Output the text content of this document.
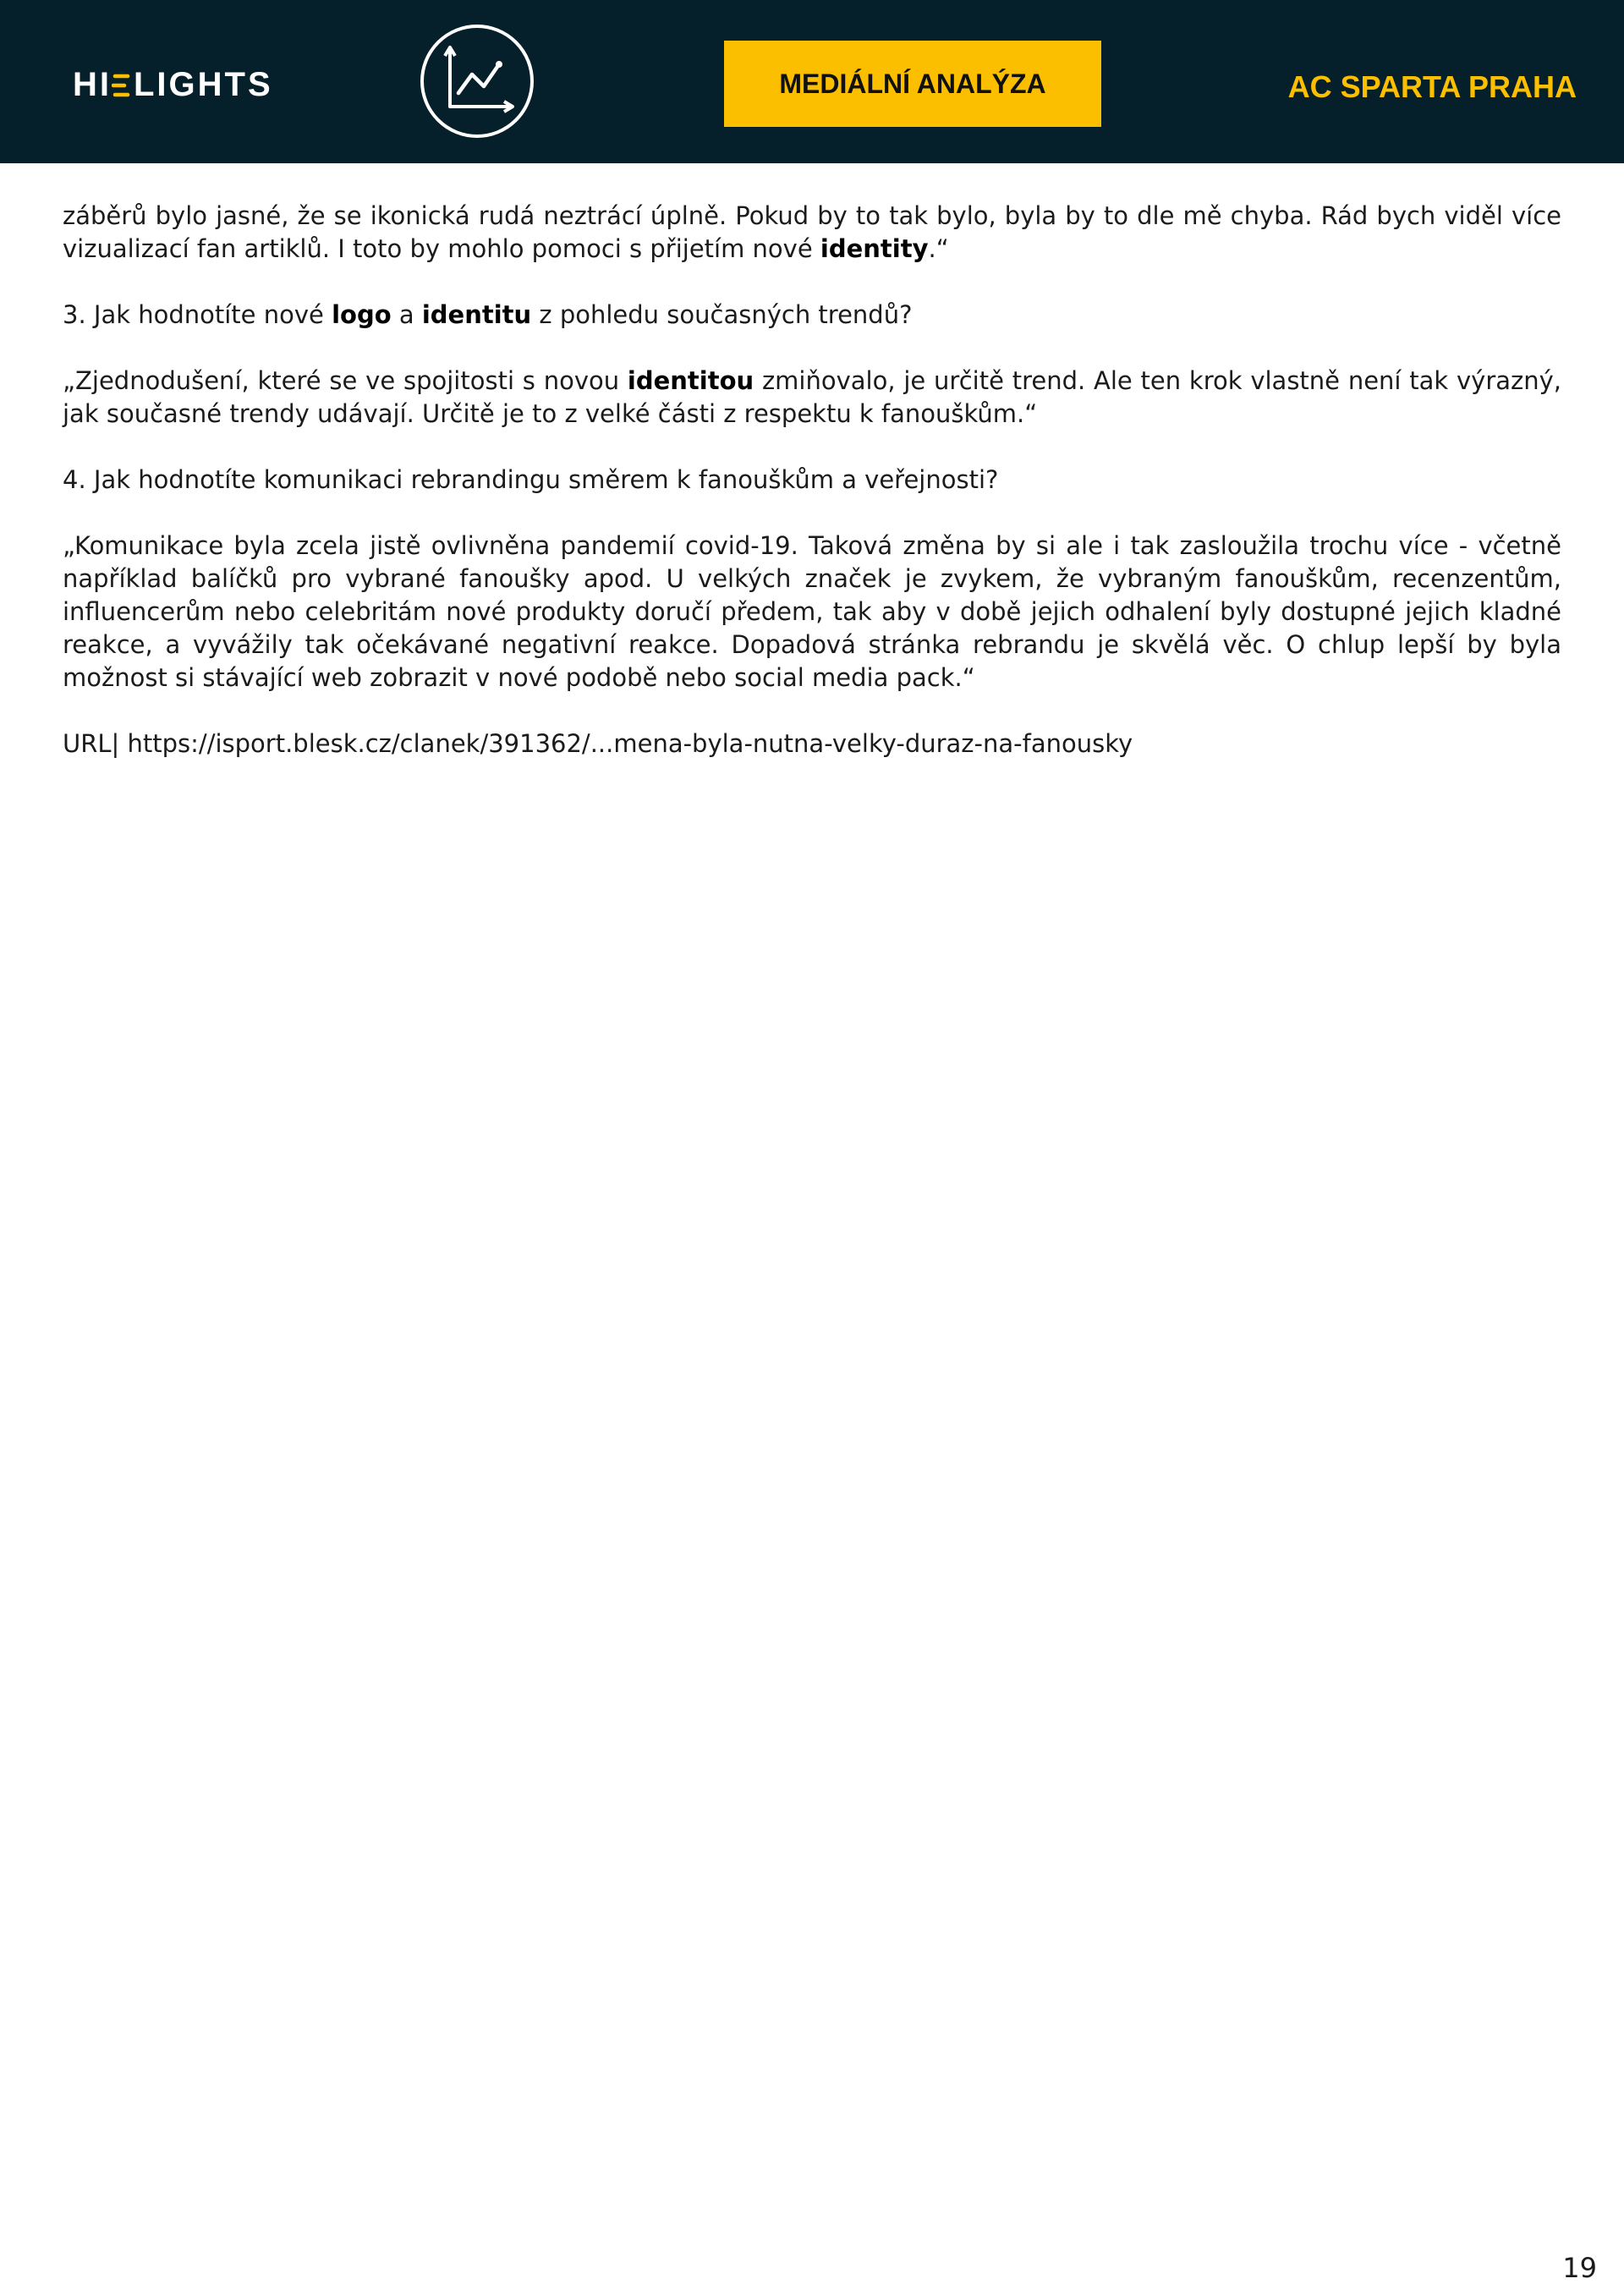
HI LIGHTS	MEDIÁLNÍ ANALÝZA	AC SPARTA PRAHA

záběrů bylo jasné, že se ikonická rudá neztrácí úplně. Pokud by to tak bylo, byla by to dle mě chyba. Rád bych viděl více vizualizací fan artiklů. I toto by mohlo pomoci s přijetím nové identity.“

3. Jak hodnotíte nové logo a identitu z pohledu současných trendů?

„Zjednodušení, které se ve spojitosti s novou identitou zmiňovalo, je určitě trend. Ale ten krok vlastně není tak výrazný, jak současné trendy udávají. Určitě je to z velké části z respektu k fanouškům.“

4. Jak hodnotíte komunikaci rebrandingu směrem k fanouškům a veřejnosti?

„Komunikace byla zcela jistě ovlivněna pandemií covid-19. Taková změna by si ale i tak zasloužila trochu více - včetně například balíčků pro vybrané fanoušky apod. U velkých značek je zvykem, že vybraným fanouškům, recenzentům, influencerům nebo celebritám nové produkty doručí předem, tak aby v době jejich odhalení byly dostupné jejich kladné reakce, a vyvážily tak očekávané negativní reakce. Dopadová stránka rebrandu je skvělá věc. O chlup lepší by byla možnost si stávající web zobrazit v nové podobě nebo social media pack.“

URL| https://isport.blesk.cz/clanek/391362/...mena-byla-nutna-velky-duraz-na-fanousky

19
